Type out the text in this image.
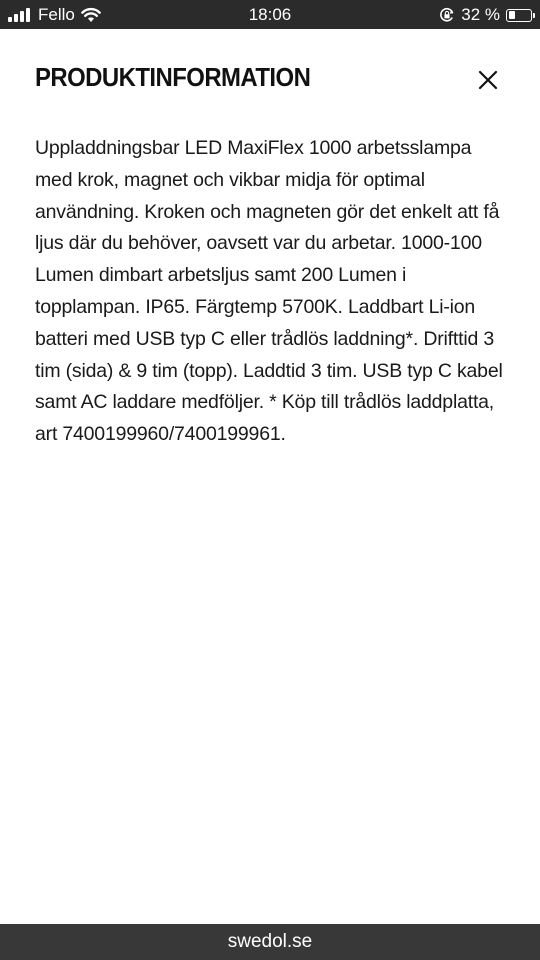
Fello	18:06	32 %
PRODUKTINFORMATION

Uppladdningsbar LED MaxiFlex 1000 arbetsslampa med krok, magnet och vikbar midja för optimal användning. Kroken och magneten gör det enkelt att få ljus där du behöver, oavsett var du arbetar. 1000-100 Lumen dimbart arbetsljus samt 200 Lumen i topplampan. IP65. Färgtemp 5700K. Laddbart Li-ion batteri med USB typ C eller trådlös laddning*. Drifttid 3 tim (sida) & 9 tim (topp). Laddtid 3 tim. USB typ C kabel samt AC laddare medföljer. * Köp till trådlös laddplatta, art 7400199960/7400199961.

swedol.se
